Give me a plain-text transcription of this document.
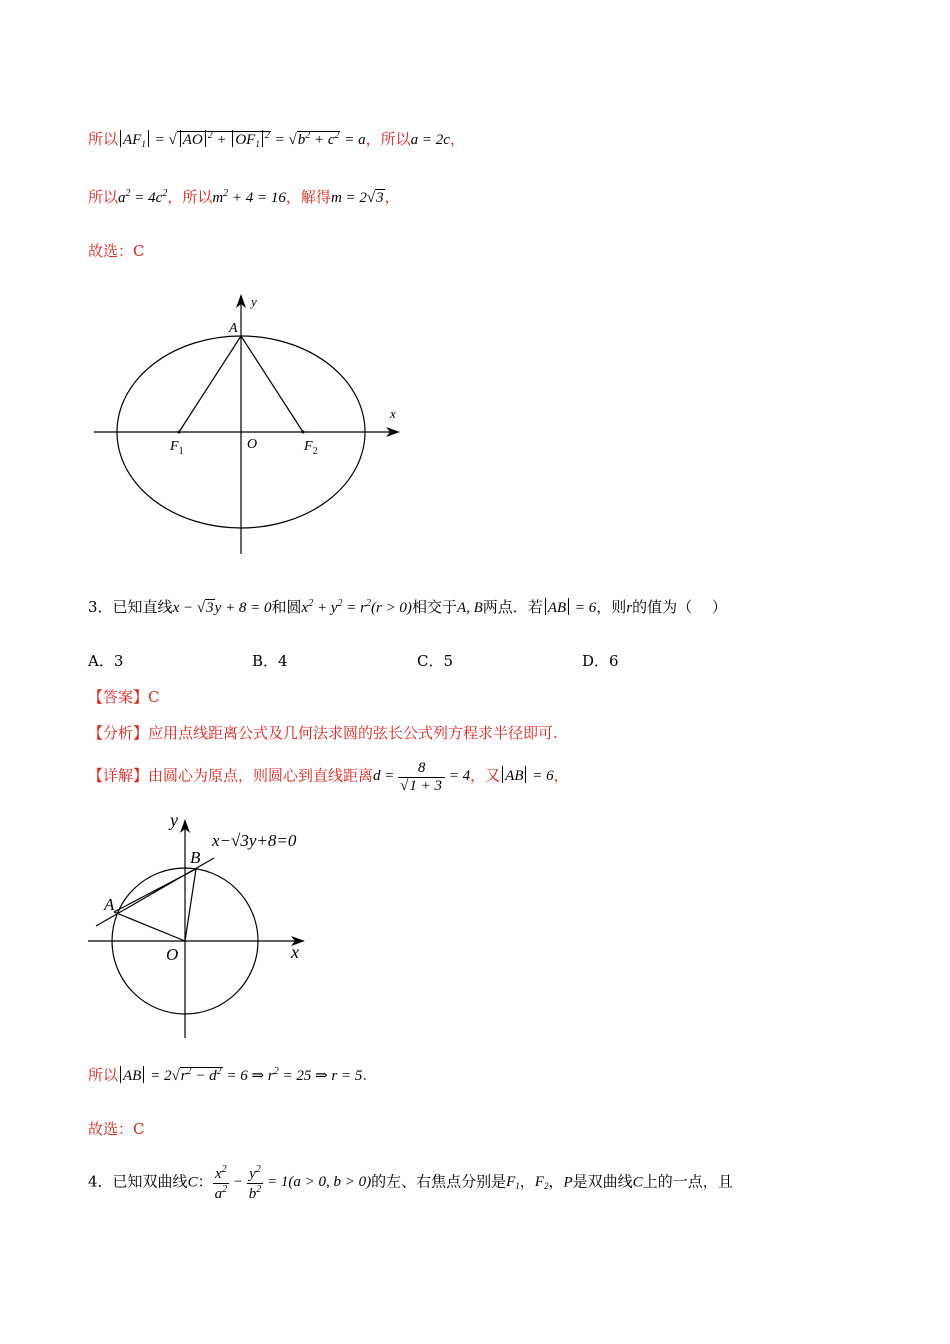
所以 $AF_1$ = √ AO $^2 + OF_1^2 = √b^2 + c^2 = a$，所以a = 2c，
所以$a^2 = 4c^2$，所以$m^2 + 4 = 16$，解得m = 2√3，
故选：C
y
x
A
O
$F_1$	$F_2$
3．已知直线x − √3y + 8 = 0和圆$x^2 + y^2 = r^2(r > 0)$相交于A, B两点．若 AB = 6，则r的值为（　 ）
A．3	B．4	C．5	D．6
【答案】C
【分析】应用点线距离公式及几何法求圆的弦长公式列方程求半径即可.
【详解】由圆心为原点，则圆心到直线距离$d = \frac{8}{√1 + 3} = 4$，又 AB = 6，
y
x
B
A
O
x−√3y+8=0
所以 AB = $2√r^2 - d^2 = 6$ ⇒ $r^2 = 25$ ⇒ r = 5.
故选：C
4．已知双曲线C： $\frac{x^2}{a^2} - \frac{y^2}{b^2} = 1(a > 0$, b > 0)的左、右焦点分别是$F_1$，$F_2$，P是双曲线C上的一点，且
